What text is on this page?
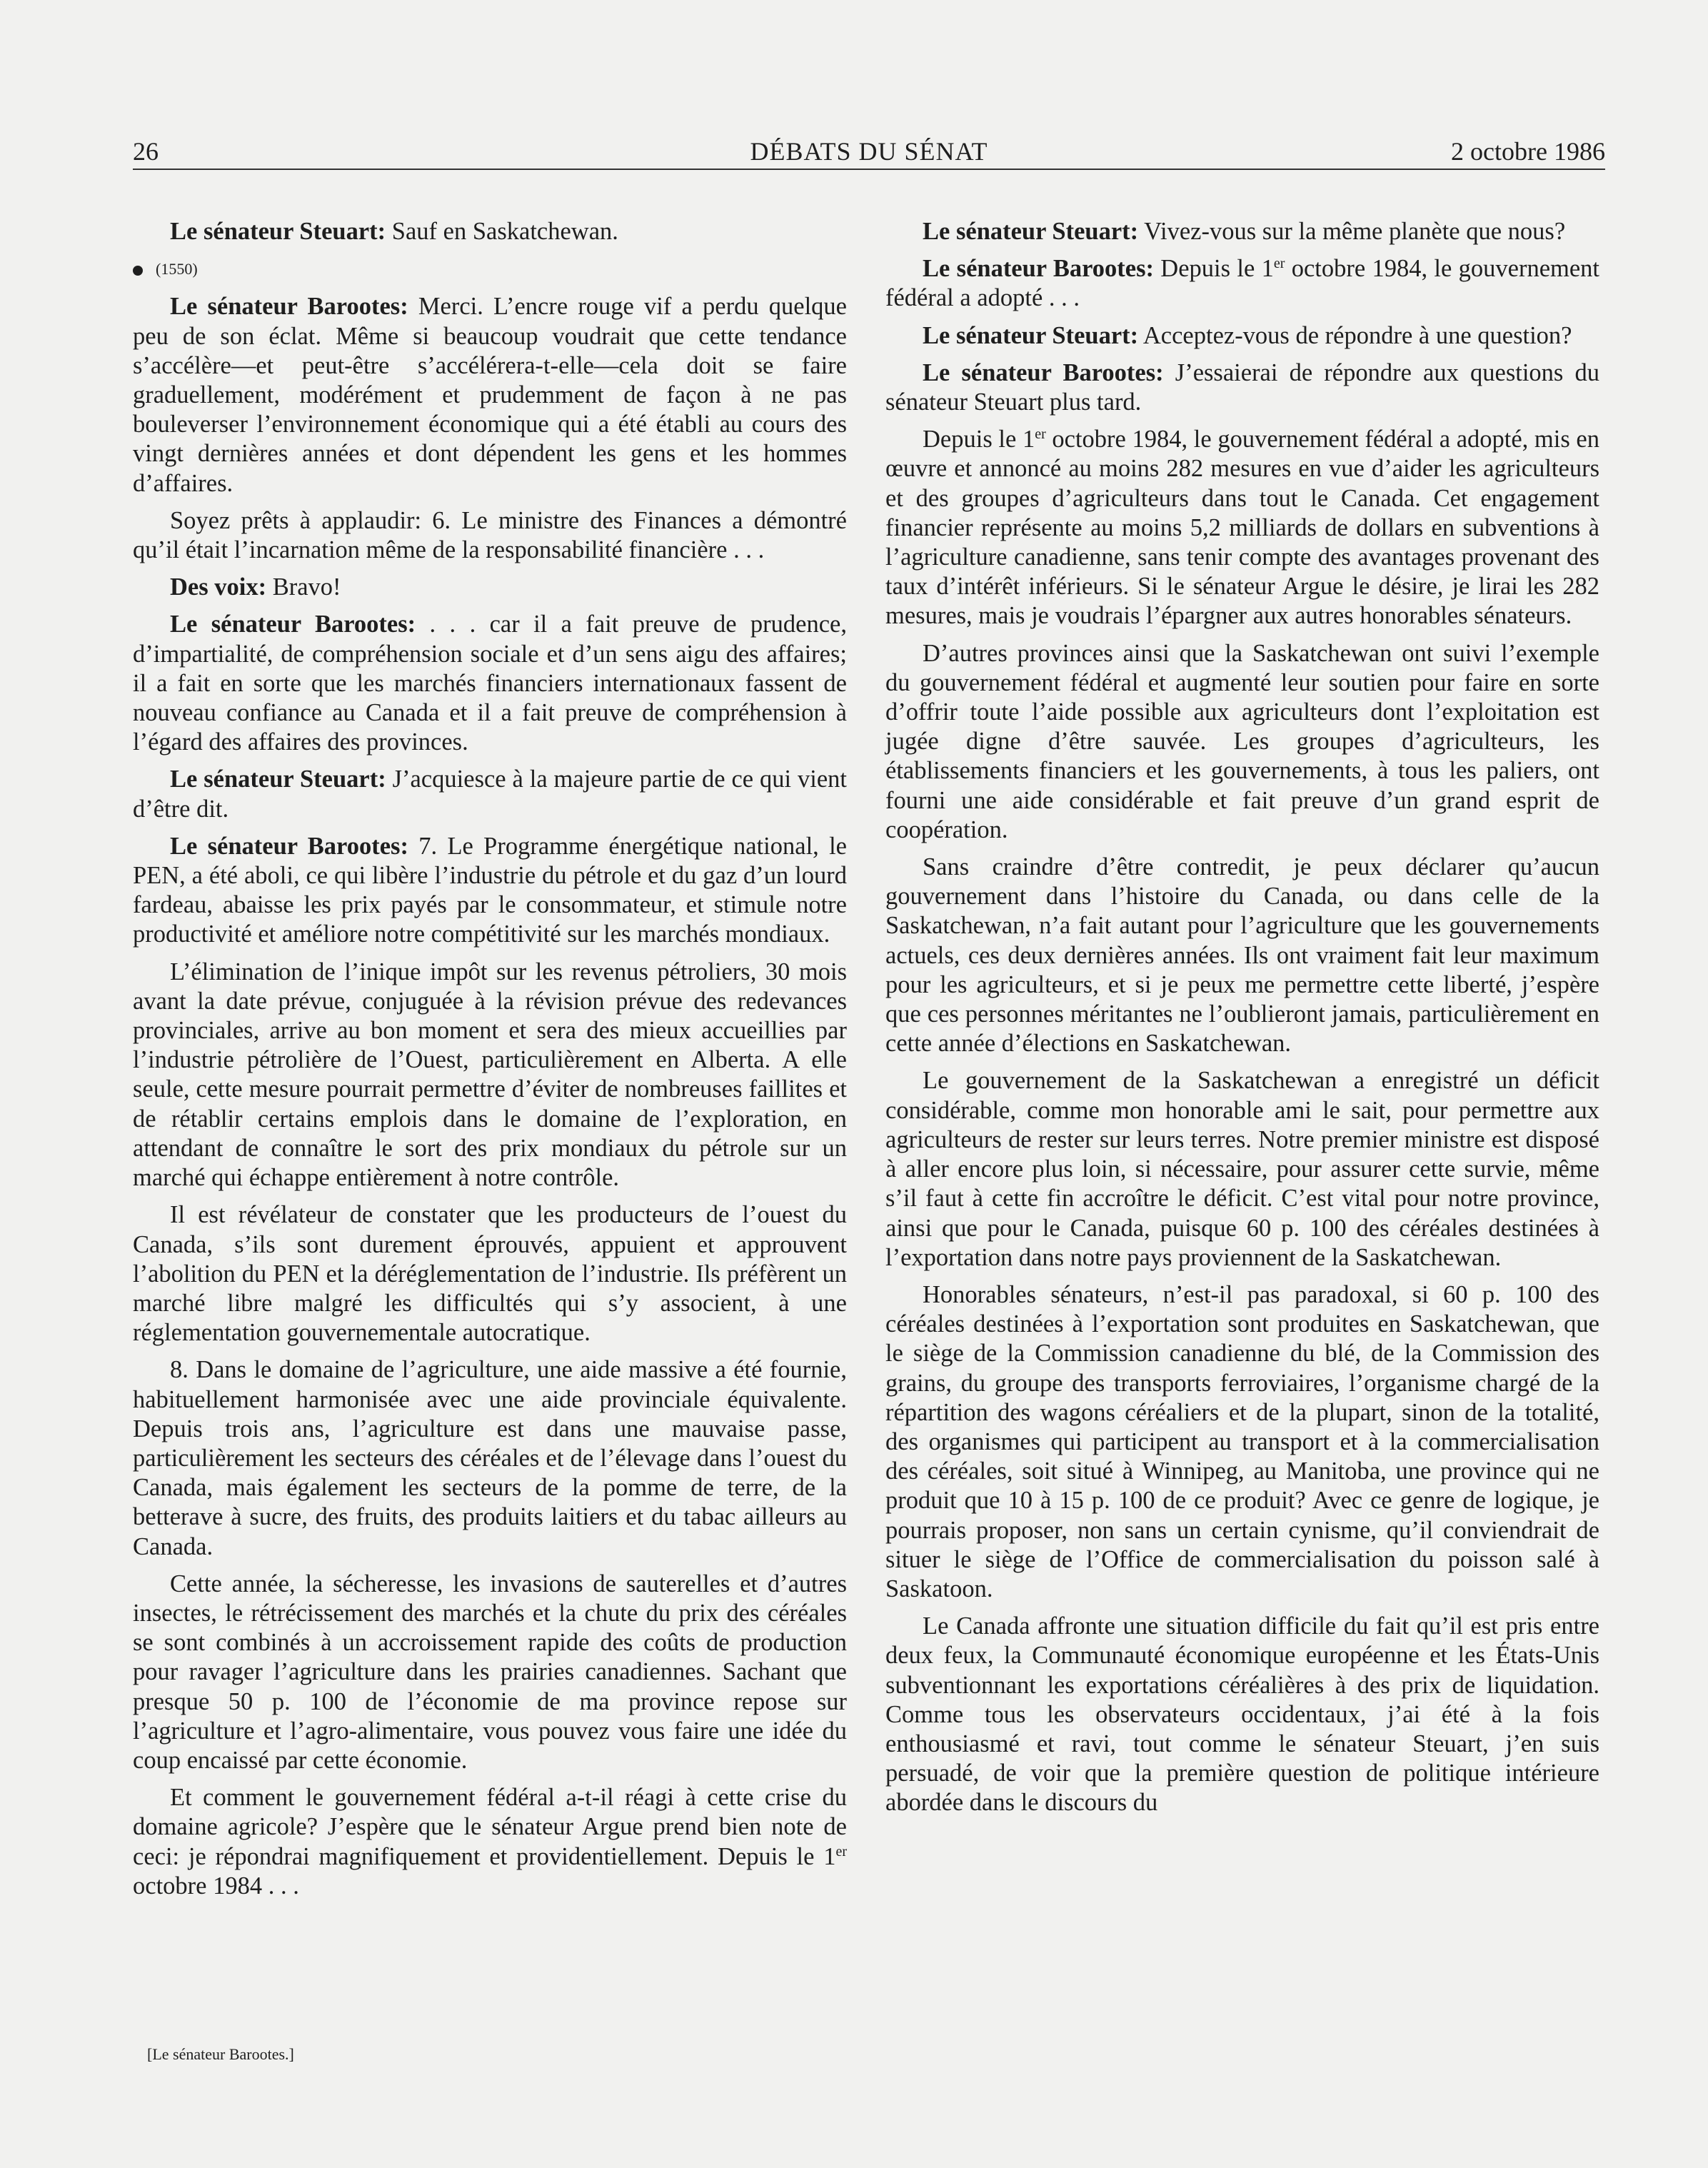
26	DÉBATS DU SÉNAT	2 octobre 1986

Le sénateur Steuart: Sauf en Saskatchewan.

(1550)

Le sénateur Barootes: Merci. L’encre rouge vif a perdu quelque peu de son éclat. Même si beaucoup voudrait que cette tendance s’accélère—et peut-être s’accélérera-t-elle—cela doit se faire graduellement, modérément et prudemment de façon à ne pas bouleverser l’environnement économique qui a été établi au cours des vingt dernières années et dont dépendent les gens et les hommes d’affaires.

Soyez prêts à applaudir: 6. Le ministre des Finances a démontré qu’il était l’incarnation même de la responsabilité financière . . .

Des voix: Bravo!

Le sénateur Barootes: . . . car il a fait preuve de prudence, d’impartialité, de compréhension sociale et d’un sens aigu des affaires; il a fait en sorte que les marchés financiers internationaux fassent de nouveau confiance au Canada et il a fait preuve de compréhension à l’égard des affaires des provinces.

Le sénateur Steuart: J’acquiesce à la majeure partie de ce qui vient d’être dit.

Le sénateur Barootes: 7. Le Programme énergétique national, le PEN, a été aboli, ce qui libère l’industrie du pétrole et du gaz d’un lourd fardeau, abaisse les prix payés par le consommateur, et stimule notre productivité et améliore notre compétitivité sur les marchés mondiaux.

L’élimination de l’inique impôt sur les revenus pétroliers, 30 mois avant la date prévue, conjuguée à la révision prévue des redevances provinciales, arrive au bon moment et sera des mieux accueillies par l’industrie pétrolière de l’Ouest, particulièrement en Alberta. A elle seule, cette mesure pourrait permettre d’éviter de nombreuses faillites et de rétablir certains emplois dans le domaine de l’exploration, en attendant de connaître le sort des prix mondiaux du pétrole sur un marché qui échappe entièrement à notre contrôle.

Il est révélateur de constater que les producteurs de l’ouest du Canada, s’ils sont durement éprouvés, appuient et approuvent l’abolition du PEN et la déréglementation de l’industrie. Ils préfèrent un marché libre malgré les difficultés qui s’y associent, à une réglementation gouvernementale autocratique.

8. Dans le domaine de l’agriculture, une aide massive a été fournie, habituellement harmonisée avec une aide provinciale équivalente. Depuis trois ans, l’agriculture est dans une mauvaise passe, particulièrement les secteurs des céréales et de l’élevage dans l’ouest du Canada, mais également les secteurs de la pomme de terre, de la betterave à sucre, des fruits, des produits laitiers et du tabac ailleurs au Canada.

Cette année, la sécheresse, les invasions de sauterelles et d’autres insectes, le rétrécissement des marchés et la chute du prix des céréales se sont combinés à un accroissement rapide des coûts de production pour ravager l’agriculture dans les prairies canadiennes. Sachant que presque 50 p. 100 de l’économie de ma province repose sur l’agriculture et l’agro-alimentaire, vous pouvez vous faire une idée du coup encaissé par cette économie.

Et comment le gouvernement fédéral a-t-il réagi à cette crise du domaine agricole? J’espère que le sénateur Argue prend bien note de ceci: je répondrai magnifiquement et providentiellement. Depuis le 1er octobre 1984 . . .

[Le sénateur Barootes.]

Le sénateur Steuart: Vivez-vous sur la même planète que nous?

Le sénateur Barootes: Depuis le 1er octobre 1984, le gouvernement fédéral a adopté . . .

Le sénateur Steuart: Acceptez-vous de répondre à une question?

Le sénateur Barootes: J’essaierai de répondre aux questions du sénateur Steuart plus tard.

Depuis le 1er octobre 1984, le gouvernement fédéral a adopté, mis en œuvre et annoncé au moins 282 mesures en vue d’aider les agriculteurs et des groupes d’agriculteurs dans tout le Canada. Cet engagement financier représente au moins 5,2 milliards de dollars en subventions à l’agriculture canadienne, sans tenir compte des avantages provenant des taux d’intérêt inférieurs. Si le sénateur Argue le désire, je lirai les 282 mesures, mais je voudrais l’épargner aux autres honorables sénateurs.

D’autres provinces ainsi que la Saskatchewan ont suivi l’exemple du gouvernement fédéral et augmenté leur soutien pour faire en sorte d’offrir toute l’aide possible aux agriculteurs dont l’exploitation est jugée digne d’être sauvée. Les groupes d’agriculteurs, les établissements financiers et les gouvernements, à tous les paliers, ont fourni une aide considérable et fait preuve d’un grand esprit de coopération.

Sans craindre d’être contredit, je peux déclarer qu’aucun gouvernement dans l’histoire du Canada, ou dans celle de la Saskatchewan, n’a fait autant pour l’agriculture que les gouvernements actuels, ces deux dernières années. Ils ont vraiment fait leur maximum pour les agriculteurs, et si je peux me permettre cette liberté, j’espère que ces personnes méritantes ne l’oublieront jamais, particulièrement en cette année d’élections en Saskatchewan.

Le gouvernement de la Saskatchewan a enregistré un déficit considérable, comme mon honorable ami le sait, pour permettre aux agriculteurs de rester sur leurs terres. Notre premier ministre est disposé à aller encore plus loin, si nécessaire, pour assurer cette survie, même s’il faut à cette fin accroître le déficit. C’est vital pour notre province, ainsi que pour le Canada, puisque 60 p. 100 des céréales destinées à l’exportation dans notre pays proviennent de la Saskatchewan.

Honorables sénateurs, n’est-il pas paradoxal, si 60 p. 100 des céréales destinées à l’exportation sont produites en Saskatchewan, que le siège de la Commission canadienne du blé, de la Commission des grains, du groupe des transports ferroviaires, l’organisme chargé de la répartition des wagons céréaliers et de la plupart, sinon de la totalité, des organismes qui participent au transport et à la commercialisation des céréales, soit situé à Winnipeg, au Manitoba, une province qui ne produit que 10 à 15 p. 100 de ce produit? Avec ce genre de logique, je pourrais proposer, non sans un certain cynisme, qu’il conviendrait de situer le siège de l’Office de commercialisation du poisson salé à Saskatoon.

Le Canada affronte une situation difficile du fait qu’il est pris entre deux feux, la Communauté économique européenne et les États-Unis subventionnant les exportations céréalières à des prix de liquidation. Comme tous les observateurs occidentaux, j’ai été à la fois enthousiasmé et ravi, tout comme le sénateur Steuart, j’en suis persuadé, de voir que la première question de politique intérieure abordée dans le discours du
